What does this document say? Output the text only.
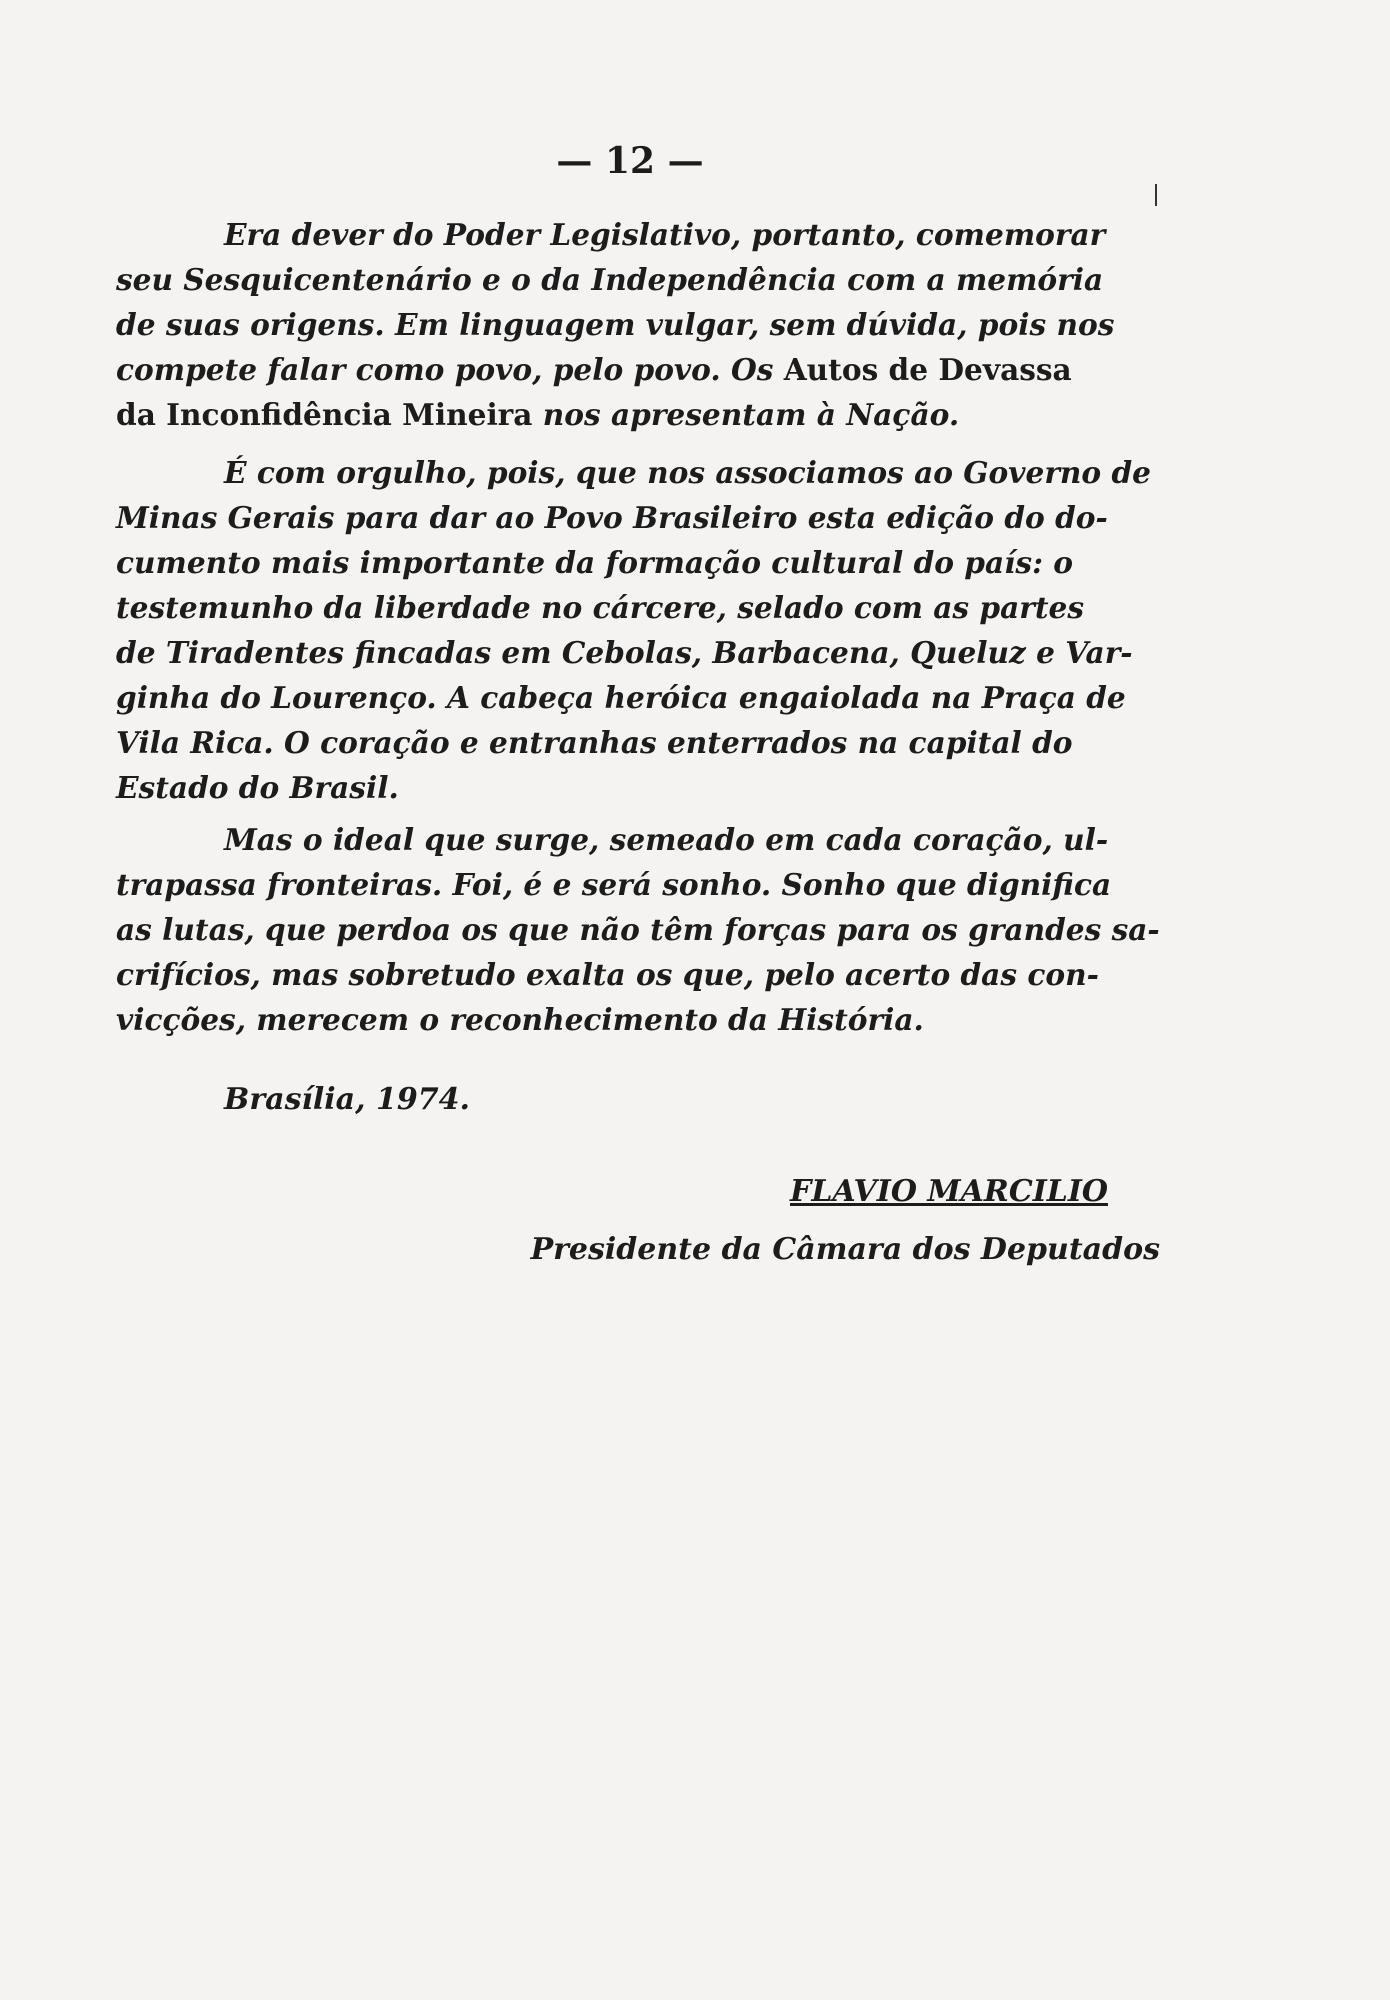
— 12 —
Era dever do Poder Legislativo, portanto, comemorar
seu Sesquicentenário e o da Independência com a memória
de suas origens. Em linguagem vulgar, sem dúvida, pois nos
compete falar como povo, pelo povo. Os Autos de Devassa
da Inconfidência Mineira nos apresentam à Nação.
É com orgulho, pois, que nos associamos ao Governo de
Minas Gerais para dar ao Povo Brasileiro esta edição do do-
cumento mais importante da formação cultural do país: o
testemunho da liberdade no cárcere, selado com as partes
de Tiradentes fincadas em Cebolas, Barbacena, Queluz e Var-
ginha do Lourenço. A cabeça heróica engaiolada na Praça de
Vila Rica. O coração e entranhas enterrados na capital do
Estado do Brasil.
Mas o ideal que surge, semeado em cada coração, ul-
trapassa fronteiras. Foi, é e será sonho. Sonho que dignifica
as lutas, que perdoa os que não têm forças para os grandes sa-
crifícios, mas sobretudo exalta os que, pelo acerto das con-
vicções, merecem o reconhecimento da História.
Brasília, 1974.
FLAVIO MARCILIO
Presidente da Câmara dos Deputados
